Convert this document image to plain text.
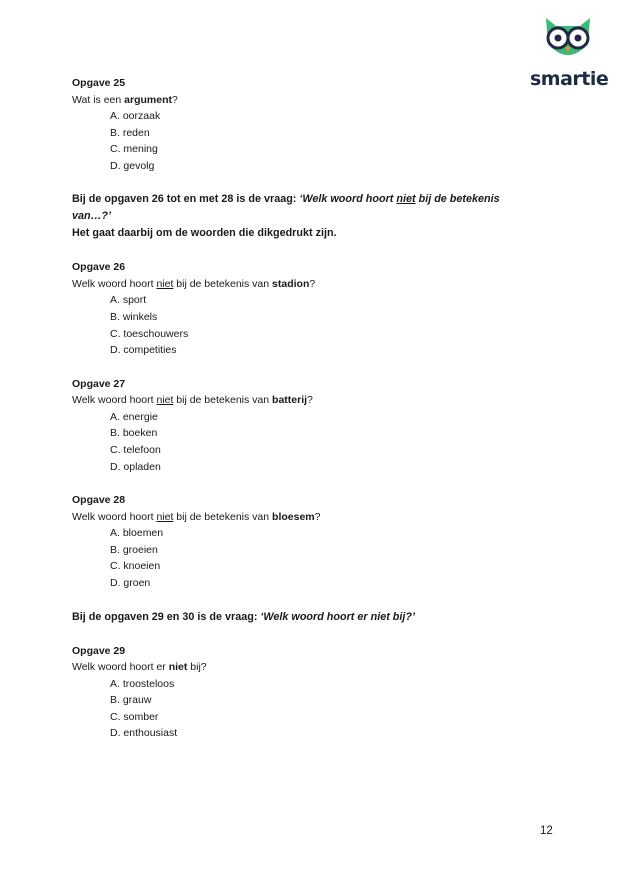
smartie
Opgave 25
Wat is een argument?
A. oorzaak
B. reden
C. mening
D. gevolg
Bij de opgaven 26 tot en met 28 is de vraag: ‘Welk woord hoort niet bij de betekenis van…?’
Het gaat daarbij om de woorden die dikgedrukt zijn.
Opgave 26
Welk woord hoort niet bij de betekenis van stadion?
A. sport
B. winkels
C. toeschouwers
D. competities
Opgave 27
Welk woord hoort niet bij de betekenis van batterij?
A. energie
B. boeken
C. telefoon
D. opladen
Opgave 28
Welk woord hoort niet bij de betekenis van bloesem?
A. bloemen
B. groeien
C. knoeien
D. groen
Bij de opgaven 29 en 30 is de vraag: ‘Welk woord hoort er niet bij?’
Opgave 29
Welk woord hoort er niet bij?
A. troosteloos
B. grauw
C. somber
D. enthousiast
12
